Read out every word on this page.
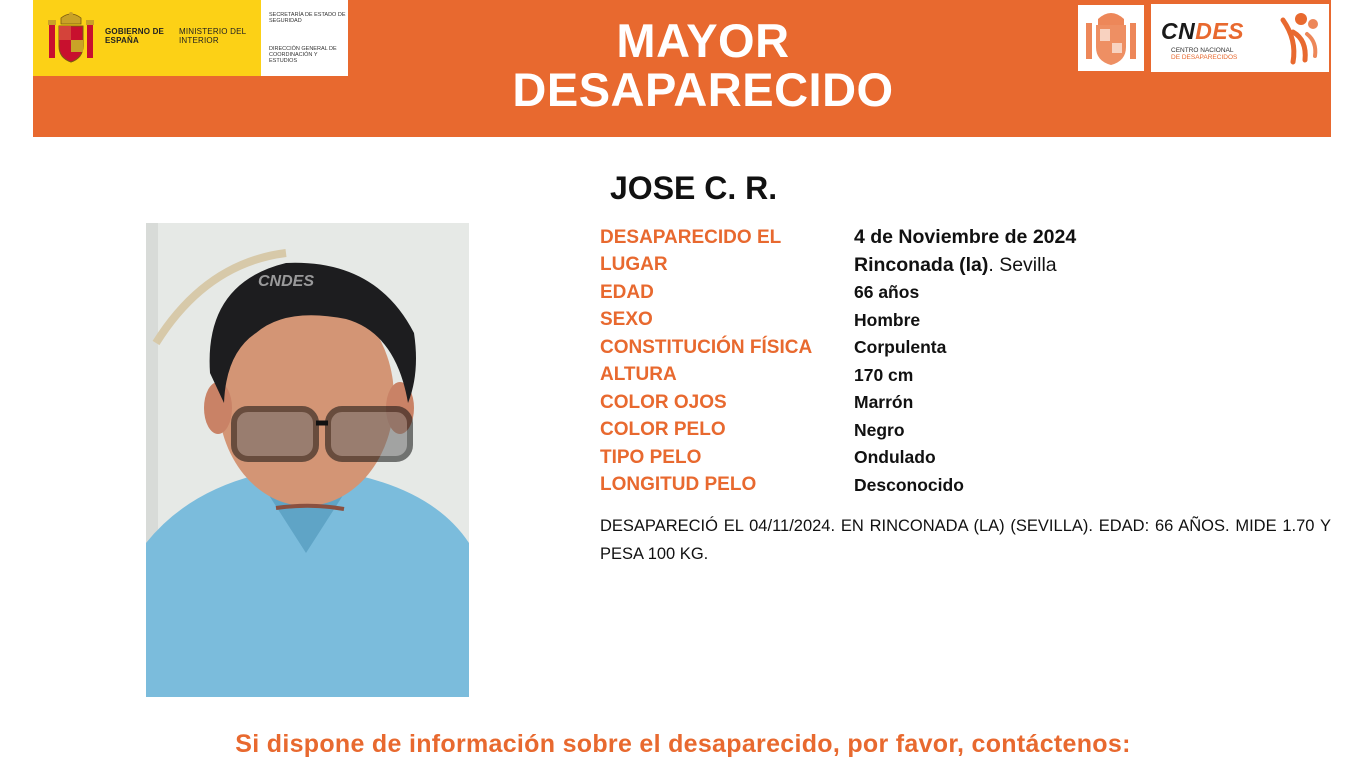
GOBIERNO DE ESPAÑA
MINISTERIO DEL INTERIOR
SECRETARÍA DE ESTADO DE SEGURIDAD
DIRECCIÓN GENERAL DE COORDINACIÓN Y ESTUDIOS	MAYOR
DESAPARECIDO
CNDES
CENTRO NACIONAL
DE DESAPARECIDOS
CNDES
JOSE C. R.
DESAPARECIDO EL	4 de Noviembre de 2024
LUGAR	Rinconada (la). Sevilla
EDAD	66 años
SEXO	Hombre
CONSTITUCIÓN FÍSICA	Corpulenta
ALTURA	170 cm
COLOR OJOS	Marrón
COLOR PELO	Negro
TIPO PELO	Ondulado
LONGITUD PELO	Desconocido
DESAPARECIÓ EL 04/11/2024. EN RINCONADA (LA) (SEVILLA). EDAD: 66 AÑOS. MIDE 1.70 Y PESA 100 KG.
Si dispone de información sobre el desaparecido, por favor, contáctenos:
